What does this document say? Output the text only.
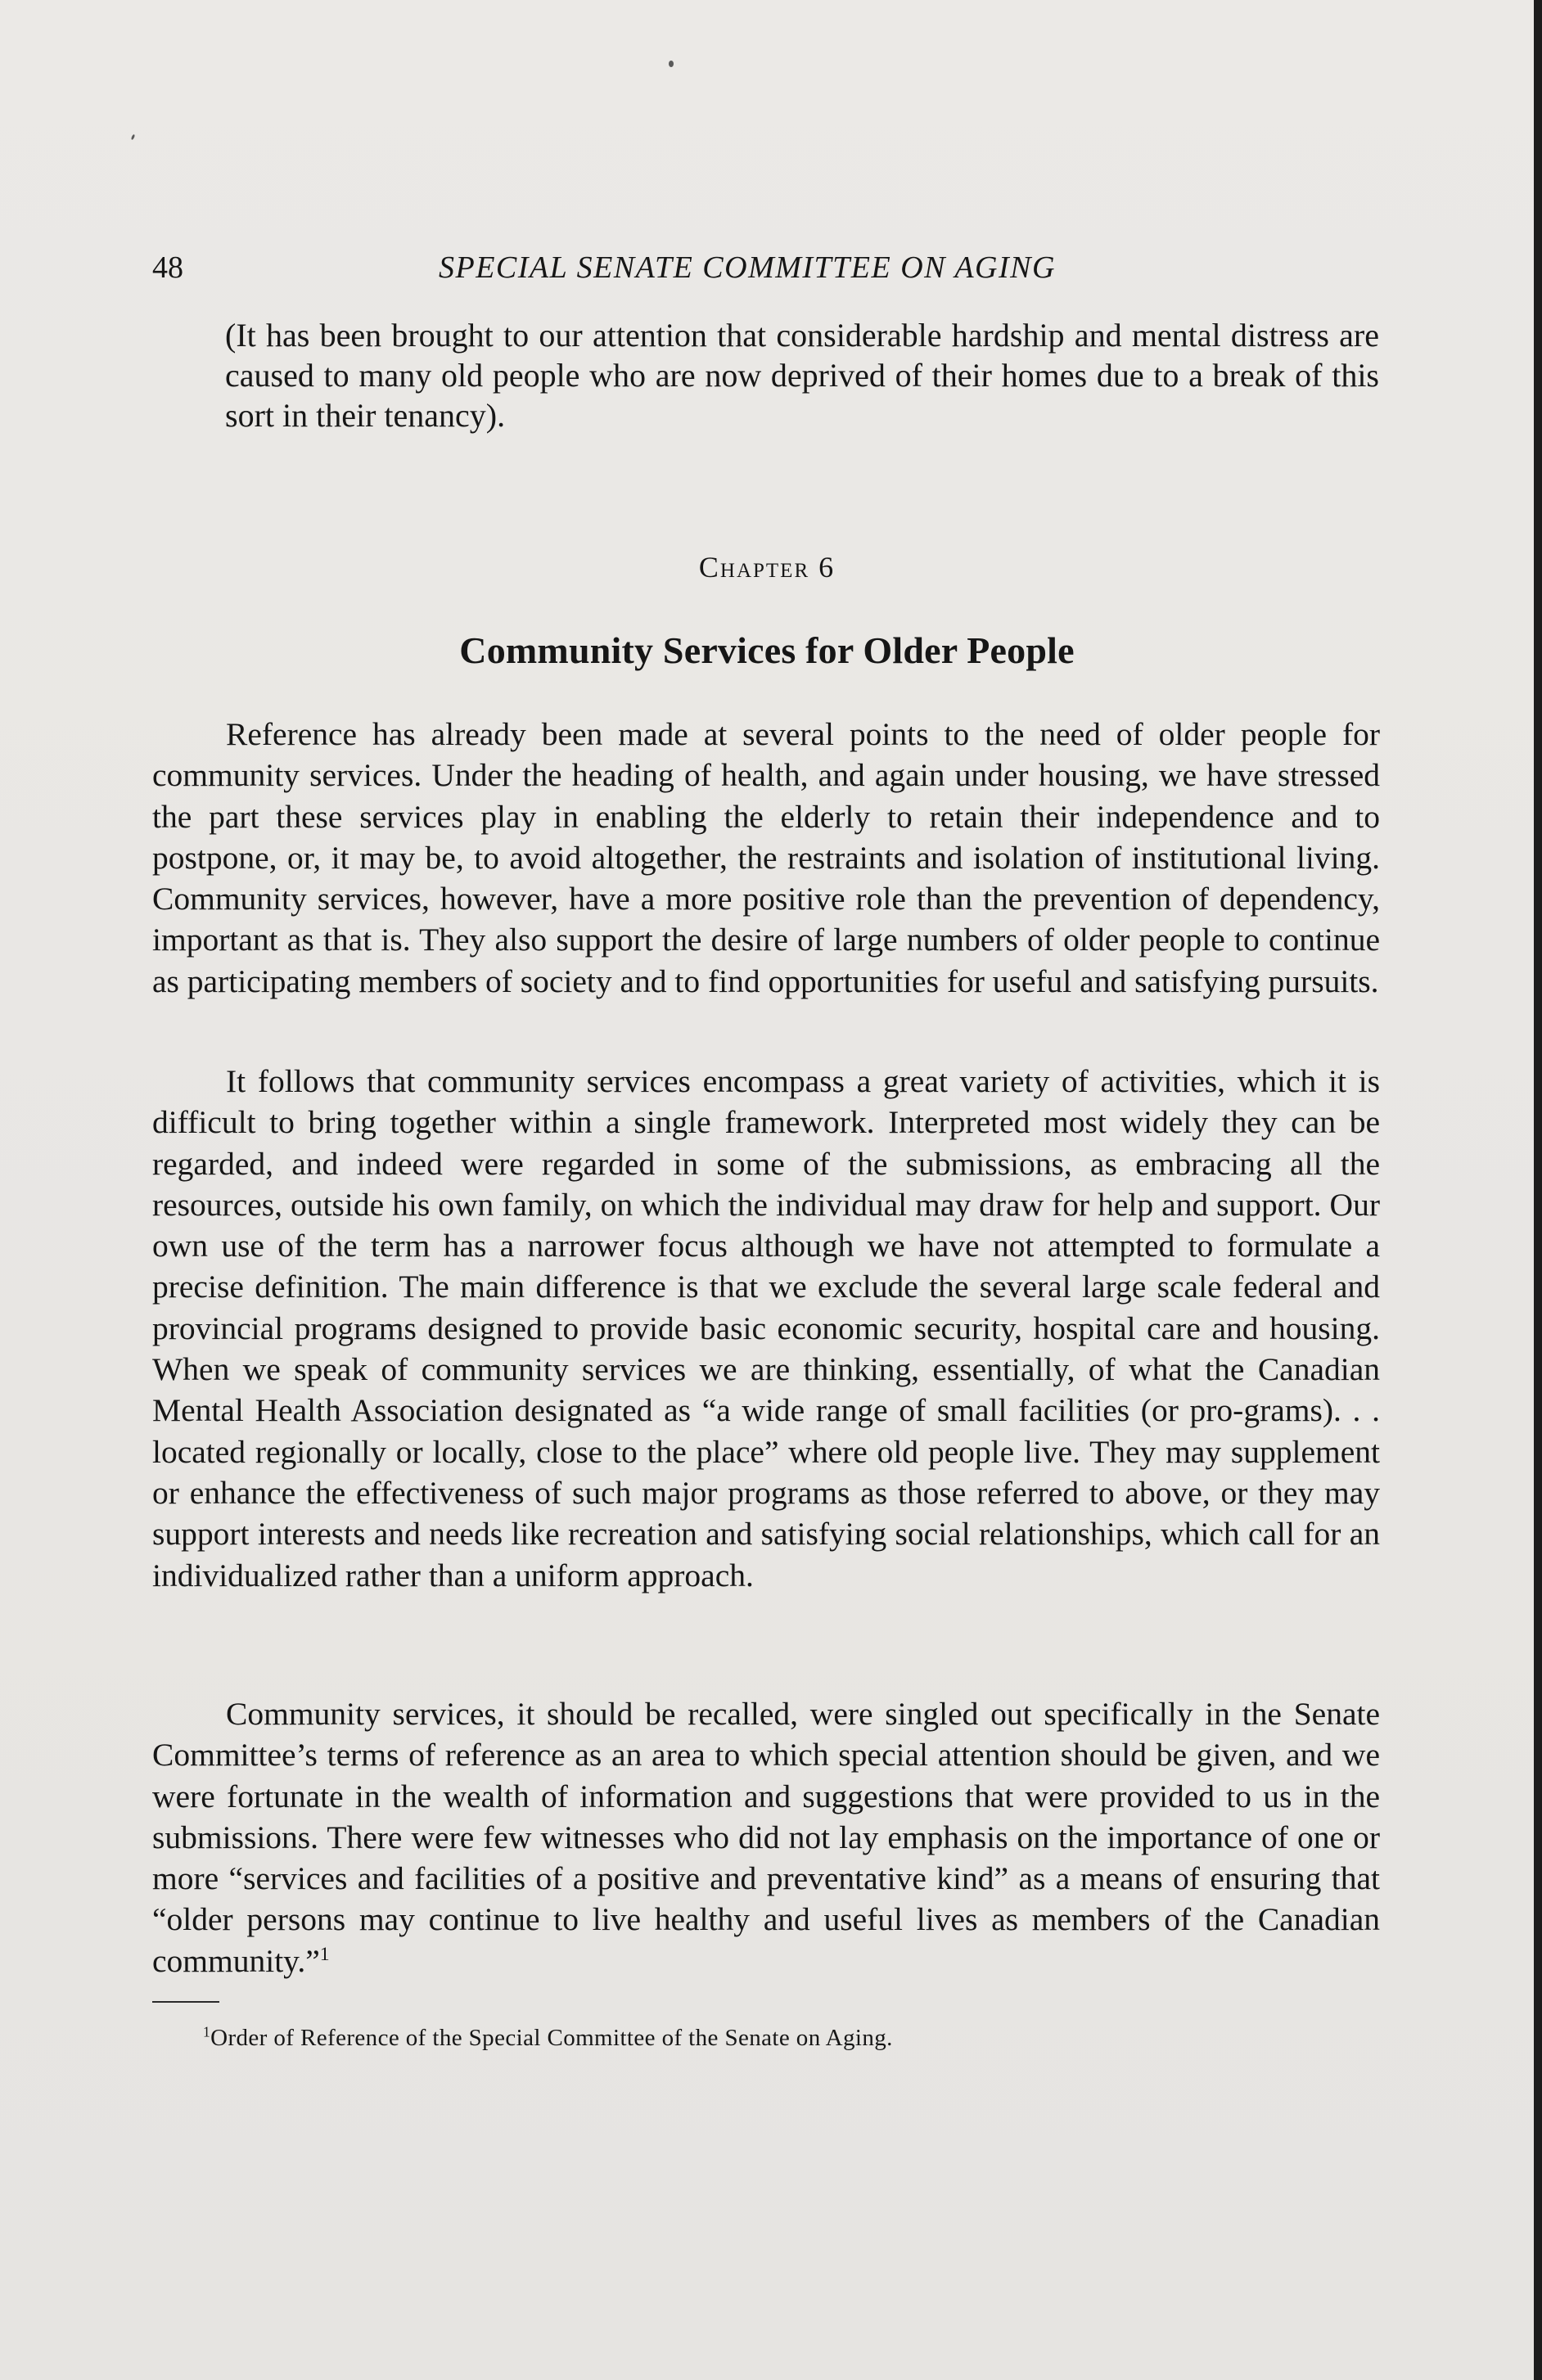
48	SPECIAL SENATE COMMITTEE ON AGING

(It has been brought to our attention that considerable hardship and mental distress are caused to many old people who are now deprived of their homes due to a break of this sort in their tenancy).

Chapter 6
Community Services for Older People

Reference has already been made at several points to the need of older people for community services. Under the heading of health, and again under housing, we have stressed the part these services play in enabling the elderly to retain their independence and to postpone, or, it may be, to avoid altogether, the restraints and isolation of institutional living. Community services, however, have a more positive role than the prevention of dependency, important as that is. They also support the desire of large numbers of older people to continue as participating members of society and to find opportunities for useful and satisfying pursuits.

It follows that community services encompass a great variety of activities, which it is difficult to bring together within a single framework. Interpreted most widely they can be regarded, and indeed were regarded in some of the submissions, as embracing all the resources, outside his own family, on which the individual may draw for help and support. Our own use of the term has a narrower focus although we have not attempted to formulate a precise definition. The main difference is that we exclude the several large scale federal and provincial programs designed to provide basic economic security, hospital care and housing. When we speak of community services we are thinking, essentially, of what the Canadian Mental Health Association designated as “a wide range of small facilities (or pro-grams). . . located regionally or locally, close to the place” where old people live. They may supplement or enhance the effectiveness of such major programs as those referred to above, or they may support interests and needs like recreation and satisfying social relationships, which call for an individualized rather than a uniform approach.

Community services, it should be recalled, were singled out specifically in the Senate Committee’s terms of reference as an area to which special attention should be given, and we were fortunate in the wealth of information and suggestions that were provided to us in the submissions. There were few witnesses who did not lay emphasis on the importance of one or more “services and facilities of a positive and preventative kind” as a means of ensuring that “older persons may continue to live healthy and useful lives as members of the Canadian community.”$^1$

$^1$Order of Reference of the Special Committee of the Senate on Aging.
